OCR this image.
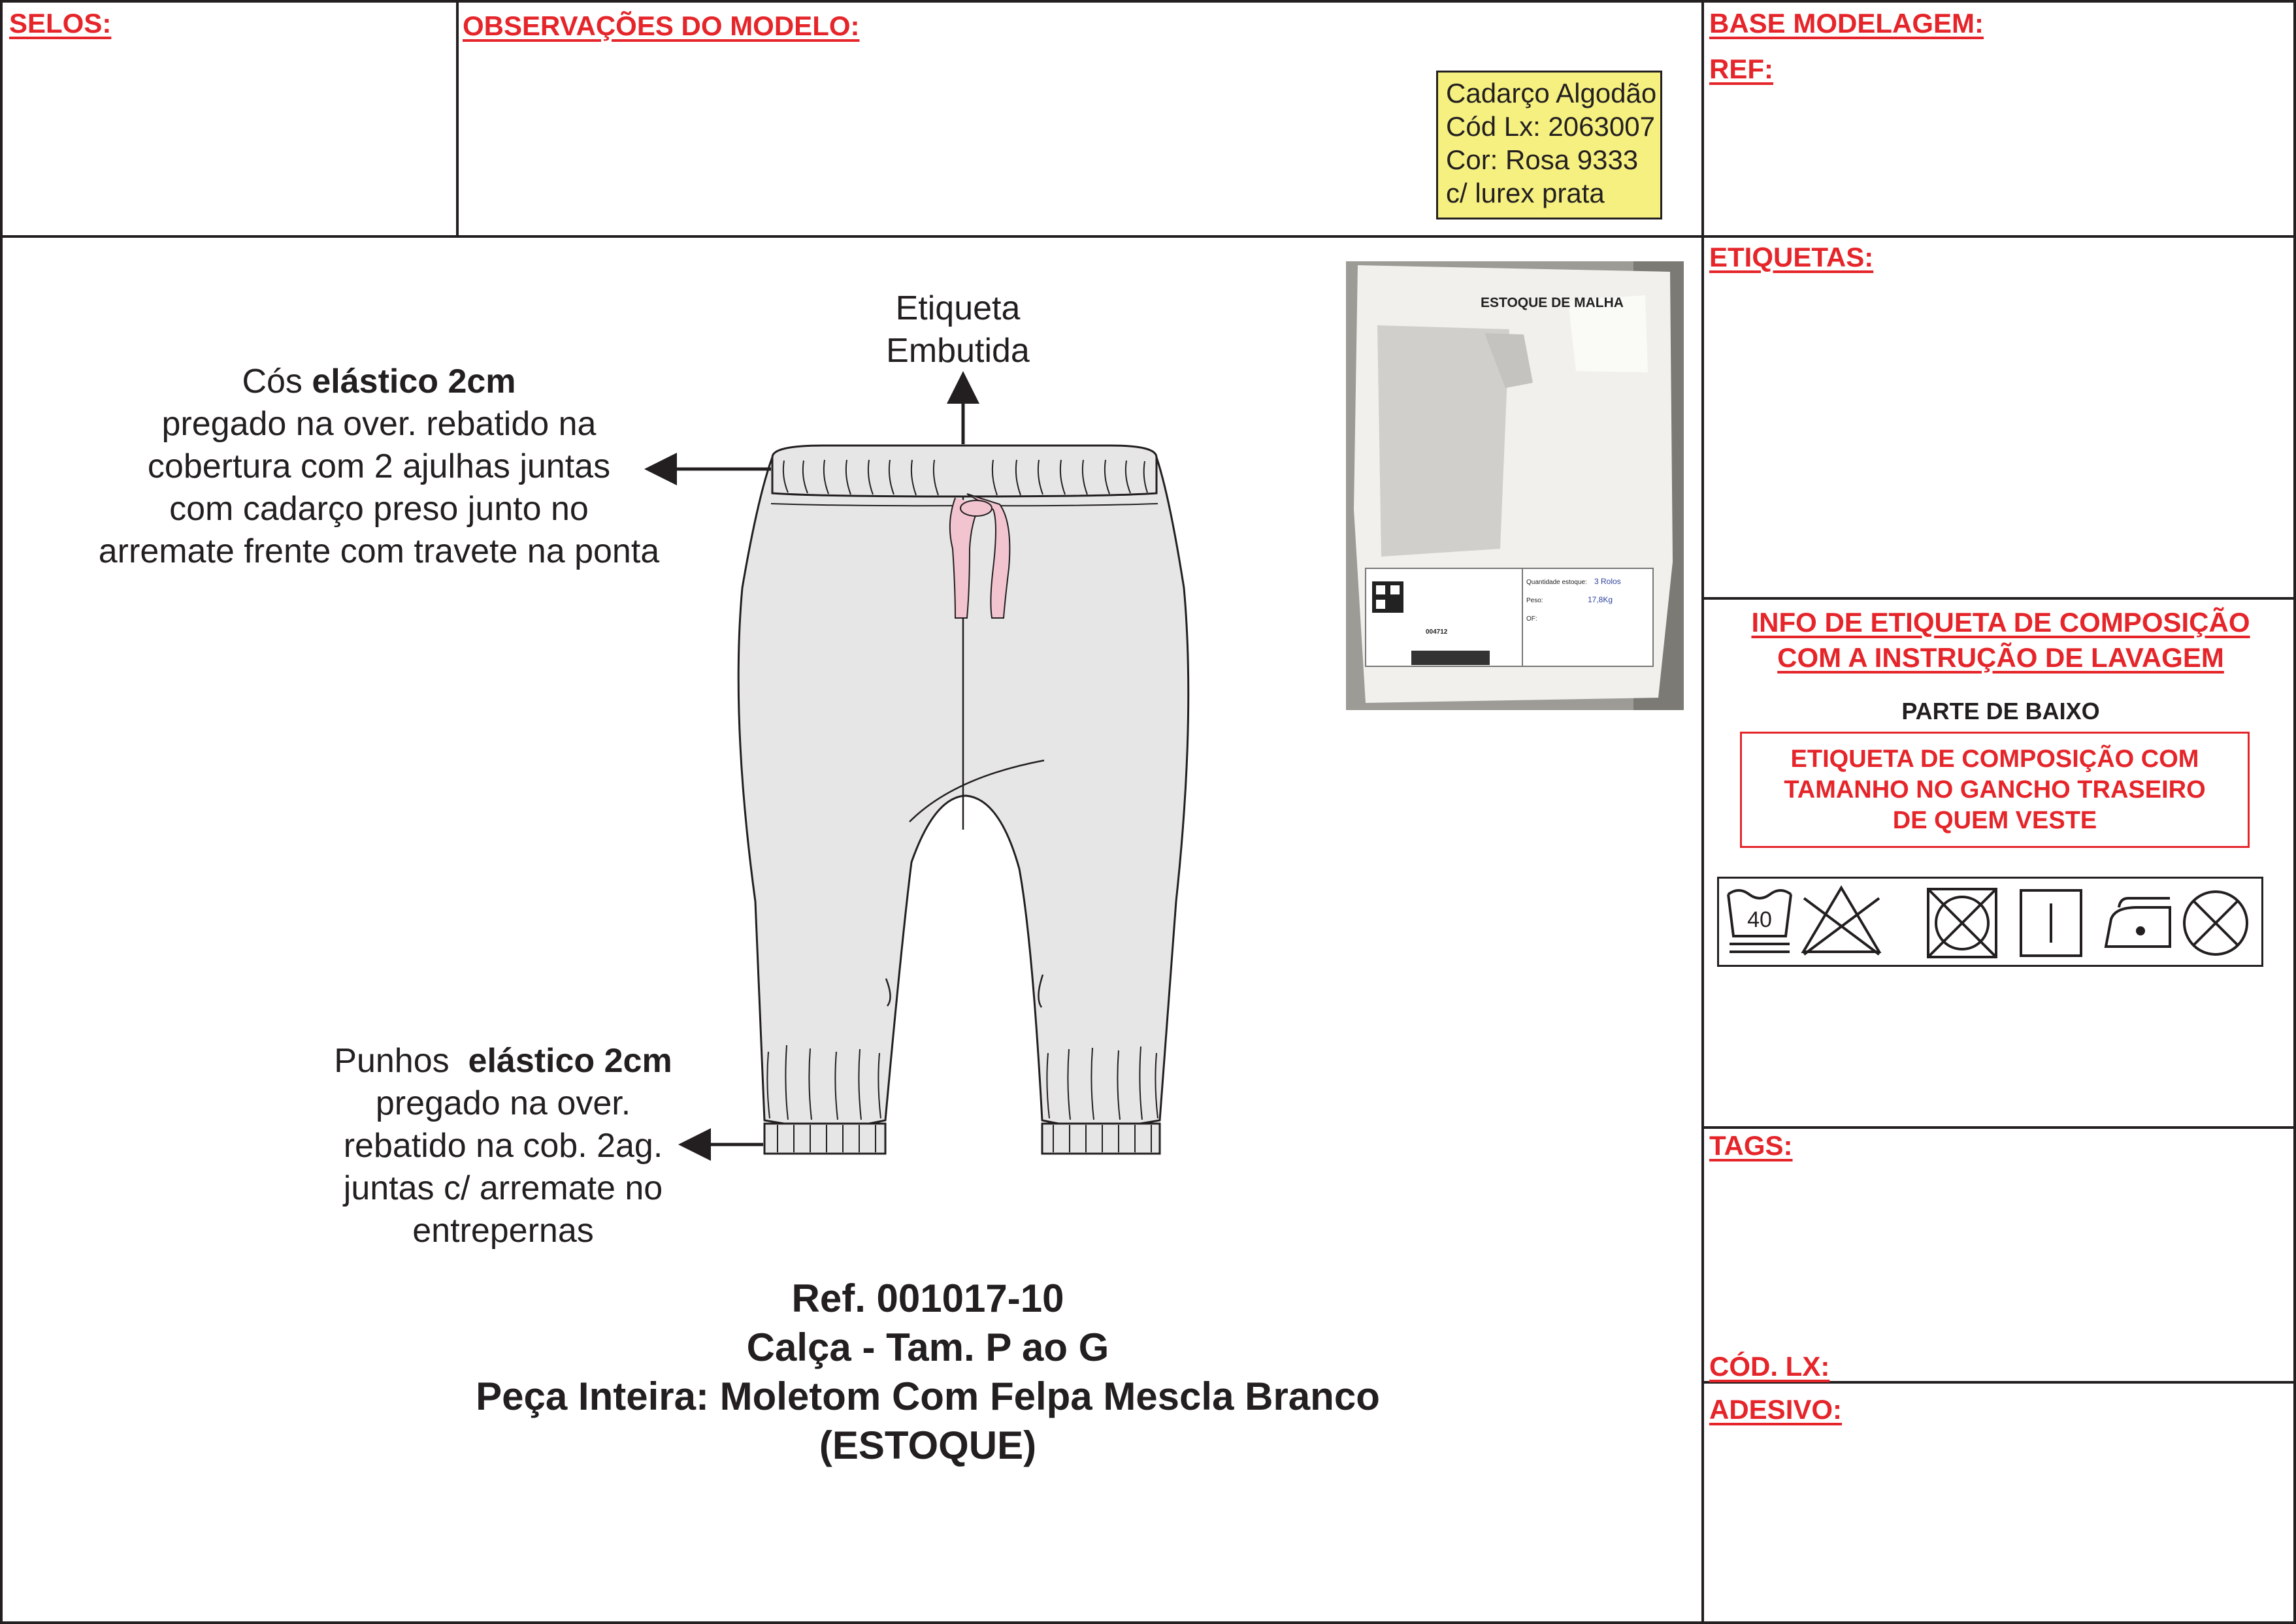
SELOS:	OBSERVAÇÕES DO MODELO:	BASE MODELAGEM:
REF:
Cadarço Algodão
Cód Lx: 2063007
Cor: Rosa 9333
c/ lurex prata
ETIQUETAS:
INFO DE ETIQUETA DE COMPOSIÇÃO
COM A INSTRUÇÃO DE LAVAGEM
PARTE DE BAIXO
ETIQUETA DE COMPOSIÇÃO COM
TAMANHO NO GANCHO TRASEIRO
DE QUEM VESTE
40
TAGS:
CÓD. LX:
ADESIVO:
ESTOQUE DE MALHA
Quantidade estoque: 3 Rolos
Peso:	17,8Kg
OF:
004712
Etiqueta
Embutida
Cós elástico 2cm
pregado na over. rebatido na
cobertura com 2 ajulhas juntas
com cadarço preso junto no
arremate frente com travete na ponta
Punhos  elástico 2cm
pregado na over.
rebatido na cob. 2ag.
juntas c/ arremate no
entrepernas
Ref. 001017-10
Calça - Tam. P ao G
Peça Inteira: Moletom Com Felpa Mescla Branco
(ESTOQUE)
